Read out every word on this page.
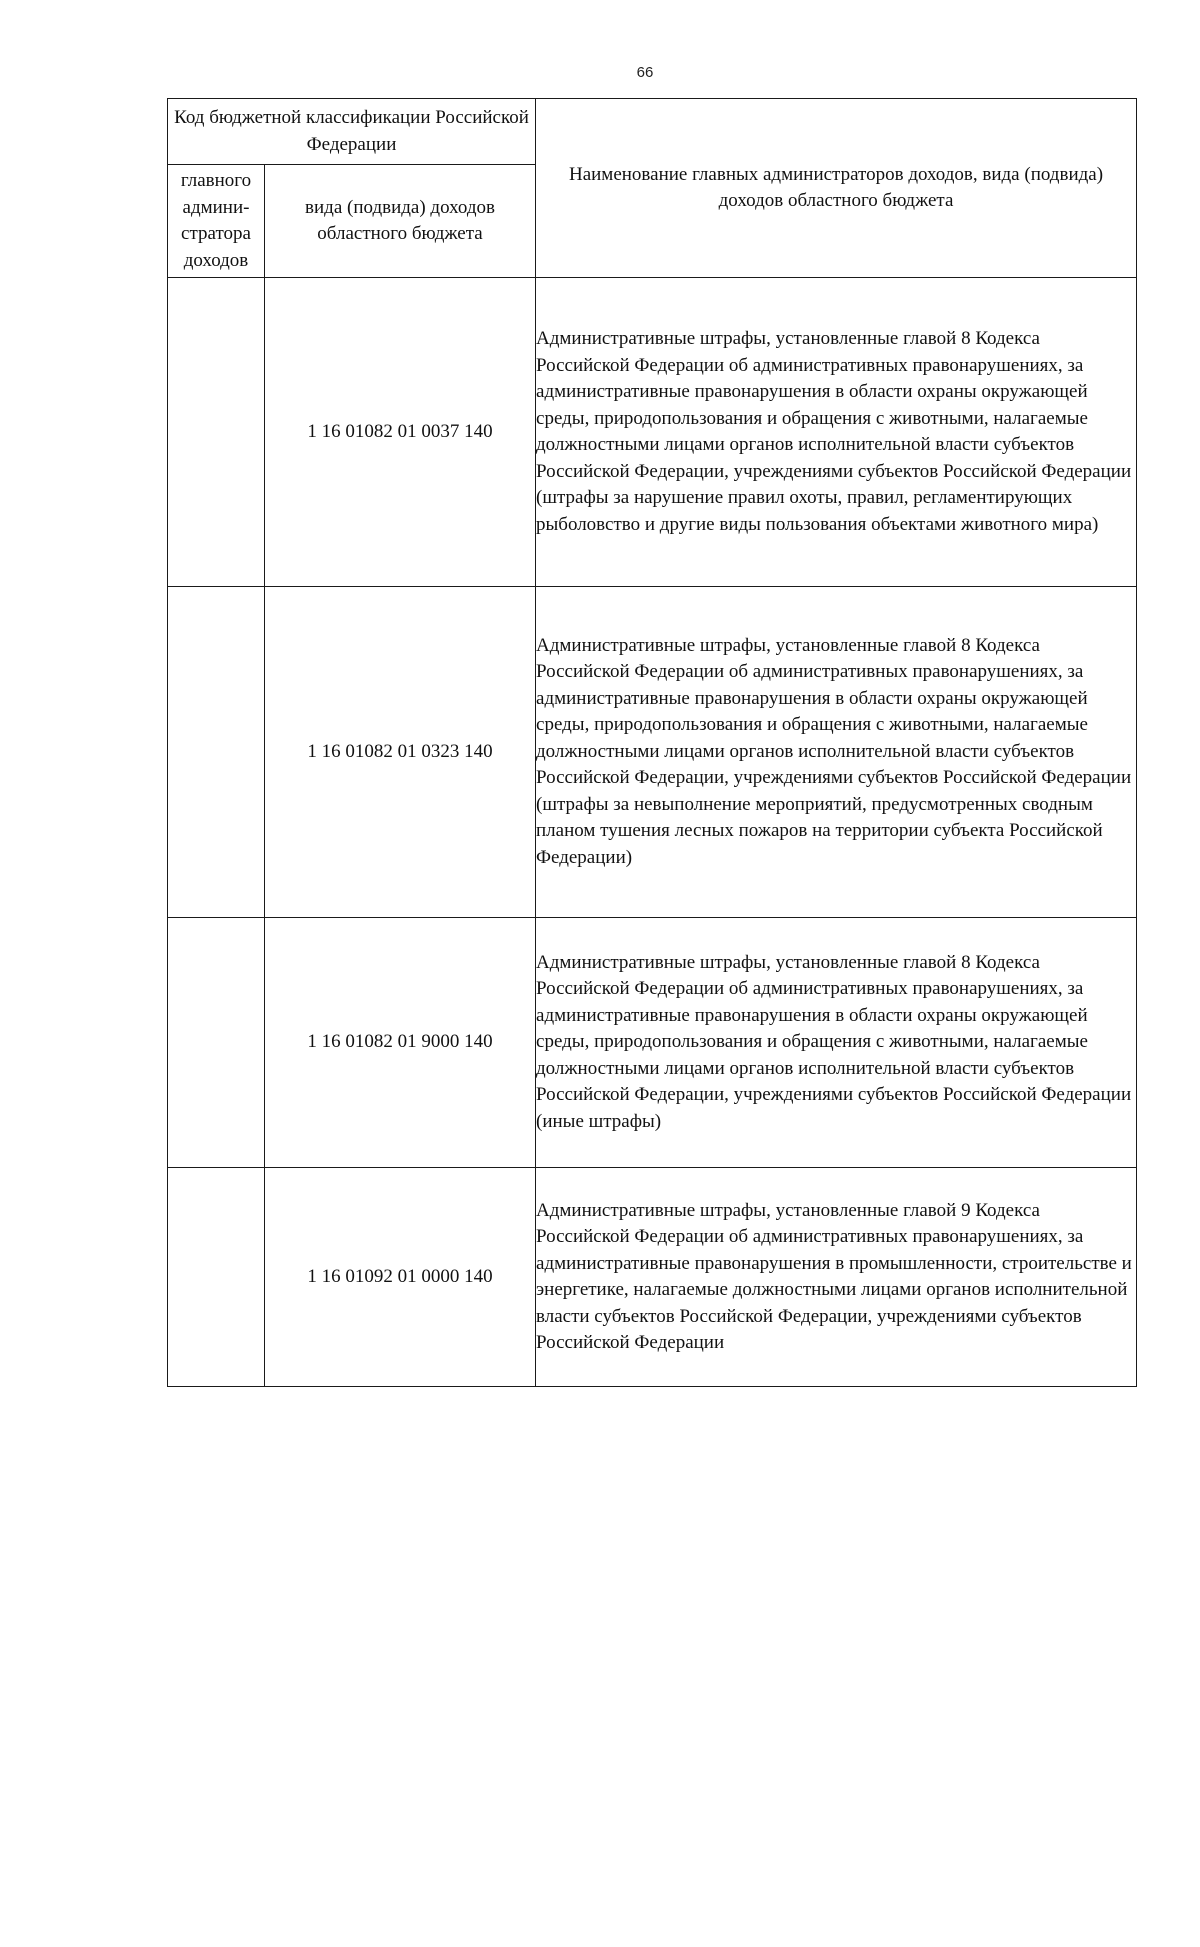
66
Код бюджетной классификации Российской Федерации		Наименование главных администраторов доходов, вида (подвида) доходов областного бюджета
главного админи-стратора доходов	вида (подвида) доходов областного бюджета	
	1 16 01082 01 0037 140	Административные штрафы, установленные главой 8 Кодекса Российской Федерации об административных правонарушениях, за административные правонарушения в области охраны окружающей среды, природопользования и обращения с животными, налагаемые должностными лицами органов исполнительной власти субъектов Российской Федерации, учреждениями субъектов Российской Федерации (штрафы за нарушение правил охоты, правил, регламентирующих рыболовство и другие виды пользования объектами животного мира)
	1 16 01082 01 0323 140	Административные штрафы, установленные главой 8 Кодекса Российской Федерации об административных правонарушениях, за административные правонарушения в области охраны окружающей среды, природопользования и обращения с животными, налагаемые должностными лицами органов исполнительной власти субъектов Российской Федерации, учреждениями субъектов Российской Федерации (штрафы за невыполнение мероприятий, предусмотренных сводным планом тушения лесных пожаров на территории субъекта Российской Федерации)
	1 16 01082 01 9000 140	Административные штрафы, установленные главой 8 Кодекса Российской Федерации об административных правонарушениях, за административные правонарушения в области охраны окружающей среды, природопользования и обращения с животными, налагаемые должностными лицами органов исполнительной власти субъектов Российской Федерации, учреждениями субъектов Российской Федерации (иные штрафы)
	1 16 01092 01 0000 140	Административные штрафы, установленные главой 9 Кодекса Российской Федерации об административных правонарушениях, за административные правонарушения в промышленности, строительстве и энергетике, налагаемые должностными лицами органов исполнительной власти субъектов Российской Федерации, учреждениями субъектов Российской Федерации
